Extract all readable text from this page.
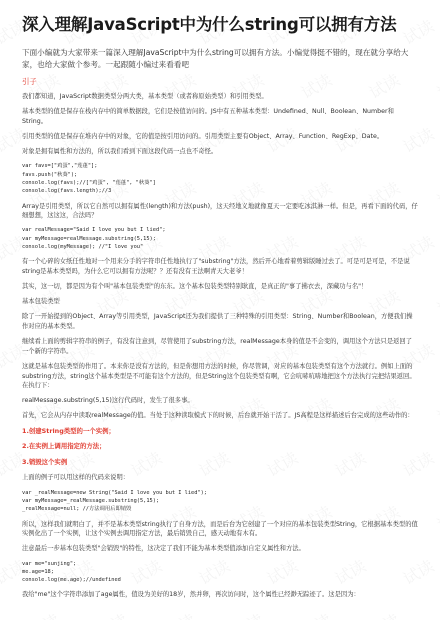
深入理解JavaScript中为什么string可以拥有方法
下面小编就为大家带来一篇深入理解JavaScript中为什么string可以拥有方法。小编觉得挺不错的，现在就分享给大家，也给大家做个参考。一起跟随小编过来看看吧
引子

我们都知道，JavaScript数据类型分两大类，基本类型（或者称原始类型）和引用类型。

基本类型的值是保存在栈内存中的简单数据段，它们是按值访问的。JS中有五种基本类型：Undefined、Null、Boolean、Number和String。

引用类型的值是保存在堆内存中的对象，它的值是按引用访问的。引用类型主要有Object、Array、Function、RegExp、Date。

对象是拥有属性和方法的，所以我们看到下面这段代码一点也不奇怪。

var favs=["鸡蛋","莲蓬"];
favs.push("秋葵");
console.log(favs);//["鸡蛋", "莲蓬", "秋葵"]
console.log(favs.length);//3

Array是引用类型，所以它自然可以拥有属性(length)和方法(push)，这天经地义地就像夏天一定要吃冰淇淋一样。但是，再看下面的代码，仔细想想，这这这，合法吗？

var realMessage="Said I love you but I lied";
var myMessage=realMessage.substring(5,15);
console.log(myMessage); //"I love you"

有一个心碎的女纸任性地对一个用来分手的字符串任性地执行了"substring"方法，然后开心地看着剪辑版睡过去了。可是可是可是，不是说string是基本类型吗，为什么它可以拥有方法呢？？还有没有王法啊青天大老爷！

其实，这一切，都是因为有个叫"基本包装类型"的东东。这个基本包装类型特别耿直，是真正的"事了拂衣去，深藏功与名"！

基本包装类型

除了一开始提到的Object、Array等引用类型，JavaScript还为我们提供了三种特殊的引用类型：String、Number和Boolean，方便我们操作对应的基本类型。

继续看上面的剪辑字符串的例子，有没有注意到，尽管使用了substring方法，realMessage本身的值是不会变的，调用这个方法只是返回了一个新的字符串。

这就是基本包装类型的作用了。本来你是没有方法的，但是你想用方法的时候，你尽管调，对应的基本包装类型有这个方法就行。例如上面的substring方法，string这个基本类型是不可能有这个方法的，但是String这个包装类型有啊，它会吭哧吭哧地把这个方法执行完把结果返回。在执行下：

realMessage.substring(5,15)这行代码时，发生了很多事。

首先，它会从内存中读取realMessage的值。当处于这种读取模式下的时候，后台就开始干活了。JS高程是这样描述后台完成的这些动作的：

1.创建String类型的一个实例；
2.在实例上调用指定的方法；
3.销毁这个实例

上面的例子可以用这样的代码来说明：

var _realMessage=new String("Said I love you but I lied");
var myMessage=_realMessage.substring(5,15);
_realMessage=null; //方法调用后即销毁

所以，这样我们就明白了，并不是基本类型string执行了自身方法，而是后台为它创建了一个对应的基本包装类型String，它根据基本类型的值实例化出了一个实例，让这个实例去调用指定方法，最后销毁自己，感天动地有木有。

注意最后一步基本包装类型"会销毁"的特性，这决定了我们不能为基本类型值添加自定义属性和方法。

var me="sunjing";
me.age=18;
console.log(me.age);//undefined

我给"me"这个字符串添加了age属性，值设为美好的18岁，然并卵，再次访问时，这个属性已经渺无踪迹了。这是因为：
